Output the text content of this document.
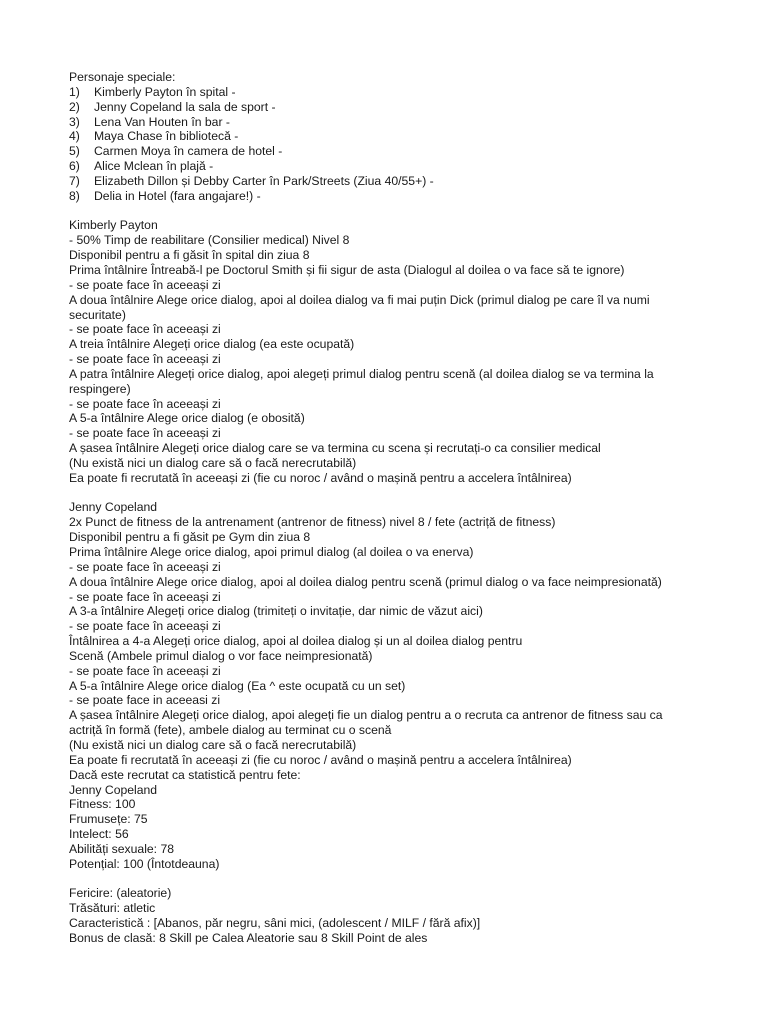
Personaje speciale:
1) Kimberly Payton în spital -
2) Jenny Copeland la sala de sport -
3) Lena Van Houten în bar -
4) Maya Chase în bibliotecă -
5) Carmen Moya în camera de hotel -
6) Alice Mclean în plajă -
7) Elizabeth Dillon și Debby Carter în Park/Streets (Ziua 40/55+) -
8) Delia in Hotel (fara angajare!) -
Kimberly Payton
- 50% Timp de reabilitare (Consilier medical) Nivel 8
Disponibil pentru a fi găsit în spital din ziua 8
Prima întâlnire Întreabă-l pe Doctorul Smith și fii sigur de asta (Dialogul al doilea o va face să te ignore)
- se poate face în aceeași zi
A doua întâlnire Alege orice dialog, apoi al doilea dialog va fi mai puțin Dick (primul dialog pe care îl va numi
securitate)
- se poate face în aceeași zi
A treia întâlnire Alegeți orice dialog (ea este ocupată)
- se poate face în aceeași zi
A patra întâlnire Alegeți orice dialog, apoi alegeți primul dialog pentru scenă (al doilea dialog se va termina la
respingere)
- se poate face în aceeași zi
A 5-a întâlnire Alege orice dialog (e obosită)
- se poate face în aceeași zi
A șasea întâlnire Alegeți orice dialog care se va termina cu scena și recrutați-o ca consilier medical
(Nu există nici un dialog care să o facă nerecrutabilă)
Ea poate fi recrutată în aceeași zi (fie cu noroc / având o mașină pentru a accelera întâlnirea)
Jenny Copeland
2x Punct de fitness de la antrenament (antrenor de fitness) nivel 8 / fete (actriță de fitness)
Disponibil pentru a fi găsit pe Gym din ziua 8
Prima întâlnire Alege orice dialog, apoi primul dialog (al doilea o va enerva)
- se poate face în aceeași zi
A doua întâlnire Alege orice dialog, apoi al doilea dialog pentru scenă (primul dialog o va face neimpresionată)
- se poate face în aceeași zi
A 3-a întâlnire Alegeți orice dialog (trimiteți o invitație, dar nimic de văzut aici)
- se poate face în aceeași zi
Întâlnirea a 4-a Alegeți orice dialog, apoi al doilea dialog și un al doilea dialog pentru
Scenă (Ambele primul dialog o vor face neimpresionată)
- se poate face în aceeași zi
A 5-a întâlnire Alege orice dialog (Ea ^ este ocupată cu un set)
- se poate face in aceeasi zi
A șasea întâlnire Alegeți orice dialog, apoi alegeți fie un dialog pentru a o recruta ca antrenor de fitness sau ca
actriță în formă (fete), ambele dialog au terminat cu o scenă
(Nu există nici un dialog care să o facă nerecrutabilă)
Ea poate fi recrutată în aceeași zi (fie cu noroc / având o mașină pentru a accelera întâlnirea)
Dacă este recrutat ca statistică pentru fete:
Jenny Copeland
Fitness: 100
Frumusețe: 75
Intelect: 56
Abilități sexuale: 78
Potențial: 100 (Întotdeauna)
Fericire: (aleatorie)
Trăsături: atletic
Caracteristică : [Abanos, păr negru, sâni mici, (adolescent / MILF / fără afix)]
Bonus de clasă: 8 Skill pe Calea Aleatorie sau 8 Skill Point de ales
